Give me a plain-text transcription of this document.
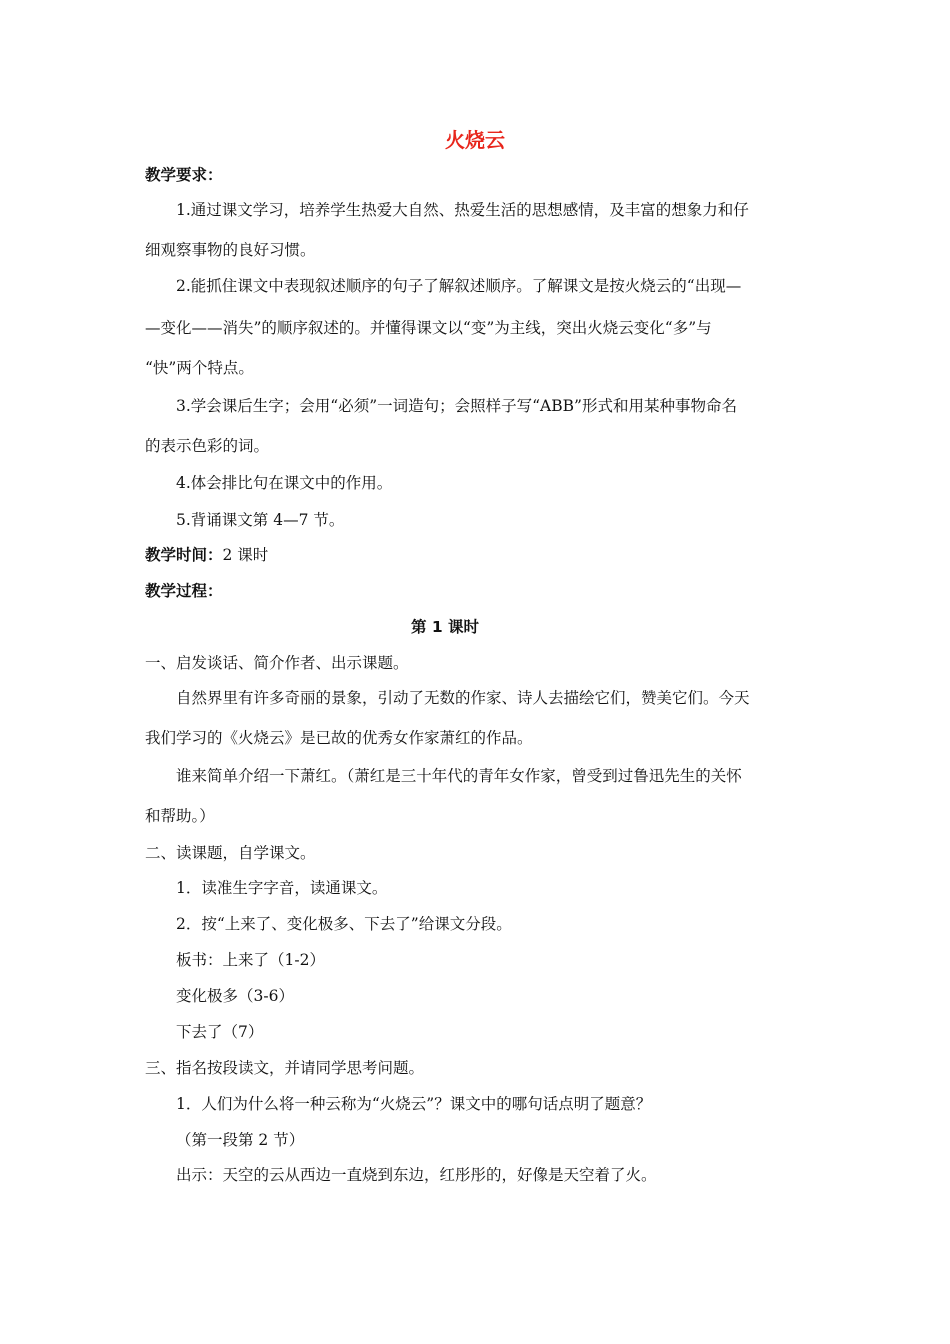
火烧云
教学要求：
1.通过课文学习，培养学生热爱大自然、热爱生活的思想感情，及丰富的想象力和仔
细观察事物的良好习惯。
2.能抓住课文中表现叙述顺序的句子了解叙述顺序。了解课文是按火烧云的“出现—
—变化——消失”的顺序叙述的。并懂得课文以“变”为主线，突出火烧云变化“多”与
“快”两个特点。
3.学会课后生字；会用“必须”一词造句；会照样子写“ABB”形式和用某种事物命名
的表示色彩的词。
4.体会排比句在课文中的作用。
5.背诵课文第 4—7 节。
教学时间：2 课时
教学过程：
第 1 课时
一、启发谈话、简介作者、出示课题。
自然界里有许多奇丽的景象，引动了无数的作家、诗人去描绘它们，赞美它们。今天
我们学习的《火烧云》是已故的优秀女作家萧红的作品。
谁来简单介绍一下萧红。（萧红是三十年代的青年女作家，曾受到过鲁迅先生的关怀
和帮助。）
二、读课题，自学课文。
1．读准生字字音，读通课文。
2．按“上来了、变化极多、下去了”给课文分段。
板书：上来了（1-2）
变化极多（3-6）
下去了（7）
三、指名按段读文，并请同学思考问题。
1．人们为什么将一种云称为“火烧云”？课文中的哪句话点明了题意？
（第一段第 2 节）
出示：天空的云从西边一直烧到东边，红彤彤的，好像是天空着了火。
